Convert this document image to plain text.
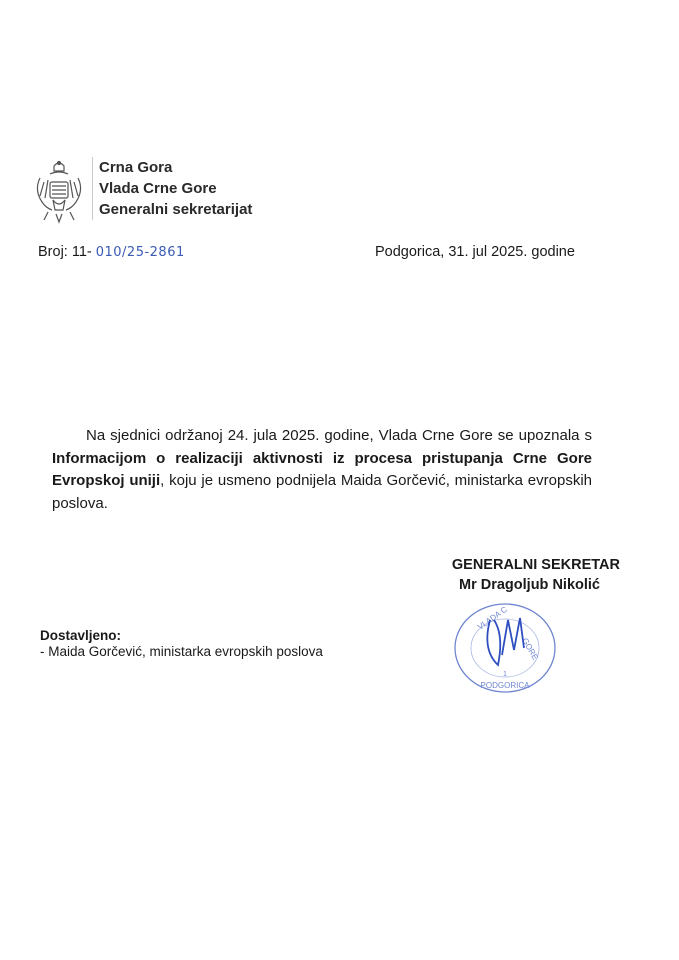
Crna Gora
Vlada Crne Gore
Generalni sekretarijat
Broj: 11- 010/25-2861	Podgorica, 31. jul 2025. godine
Na sjednici održanoj 24. jula 2025. godine, Vlada Crne Gore se upoznala s Informacijom o realizaciji aktivnosti iz procesa pristupanja Crne Gore Evropskoj uniji, koju je usmeno podnijela Maida Gorčević, ministarka evropskih poslova.
GENERALNI SEKRETAR
Mr Dragoljub Nikolić
VLADA C
GORE
1
PODGORICA
Dostavljeno:
- Maida Gorčević, ministarka evropskih poslova
